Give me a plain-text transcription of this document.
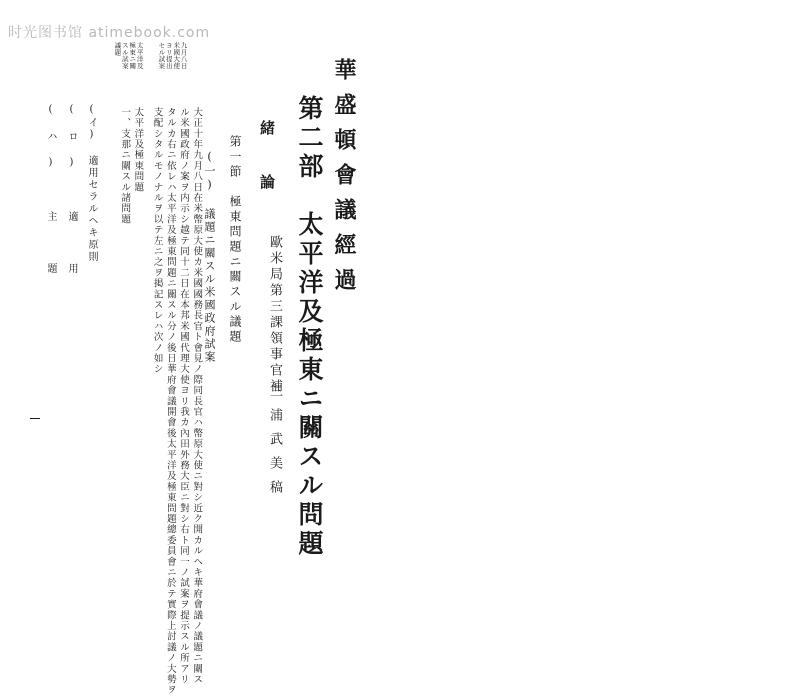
时光图书馆 atimebook.com
華盛頓會議經過
第二部　太平洋及極東ニ關スル問題
歐米局第三課領事官補
三浦武美稿
緒　論
第一節　極東問題ニ關スル議題
(一) 議題ニ關スル米國政府試案
大正十年九月八日在米幣原大使カ米國國務長官ト會見ノ際同長官ハ幣原大使ニ對シ近ク開カルヘキ華府會議ノ議題ニ關ス
ル米國政府ノ案ヲ内示シ越テ同十二日在本邦米國代理大使ヨリ我カ內田外務大臣ニ對シ右ト同一ノ試案ヲ提示スル所アリ
タルカ右ニ依レハ太平洋及極東問題ニ關スル分ノ後日華府會議開會後太平洋及極東問題總委員會ニ於テ實際上討議ノ大勢ヲ
支配シタルモノナルヲ以テ左ニ之ヲ掲記スレハ次ノ如シ
太平洋及極東問題
一、支那ニ關スル諸問題
九月八日
米國大使
ヨリ提出
セル試案
太平洋及
極東ニ關
スル試案
議題
(イ) 適用セラルヘキ原則
(ロ) 適　用
(ハ) 主　題
